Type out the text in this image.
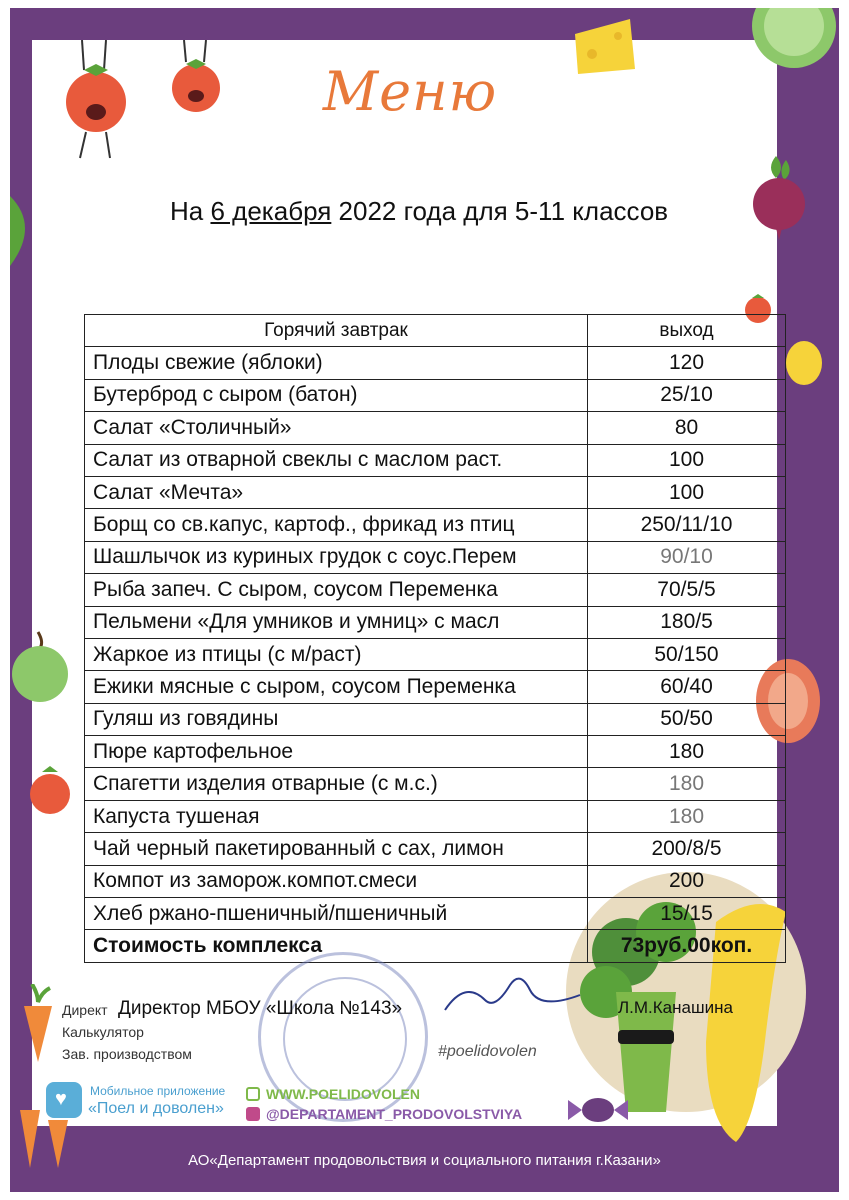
Меню
На 6 декабря 2022 года для 5-11 классов
Горячий завтрак	выход
Плоды свежие (яблоки)	120
Бутерброд с сыром (батон)	25/10
Салат «Столичный»	80
Салат из отварной свеклы с маслом раст.	100
Салат «Мечта»	100
Борщ со св.капус, картоф., фрикад из птиц	250/11/10
Шашлычок из куриных грудок с соус.Перем	90/10
Рыба запеч. С сыром, соусом Переменка	70/5/5
Пельмени «Для умников и умниц» с масл	180/5
Жаркое из птицы (с м/раст)	50/150
Ежики мясные с сыром, соусом Переменка	60/40
Гуляш из говядины	50/50
Пюре картофельное	180
Спагетти изделия отварные (с м.с.)	180
Капуста тушеная	180
Чай черный пакетированный с сах, лимон	200/8/5
Компот из заморож.компот.смеси	200
Хлеб ржано-пшеничный/пшеничный	15/15
Стоимость комплекса	73руб.00коп.
Директ Директор МБОУ «Школа №143»	Л.М.Канашина
Калькулятор
Зав. производством	#poelidovolen
♥
Мобильное приложение
«Поел и доволен»
WWW.POELIDOVOLEN
@DEPARTAMENT_PRODOVOLSTVIYA
АО«Департамент продовольствия и социального питания г.Казани»
